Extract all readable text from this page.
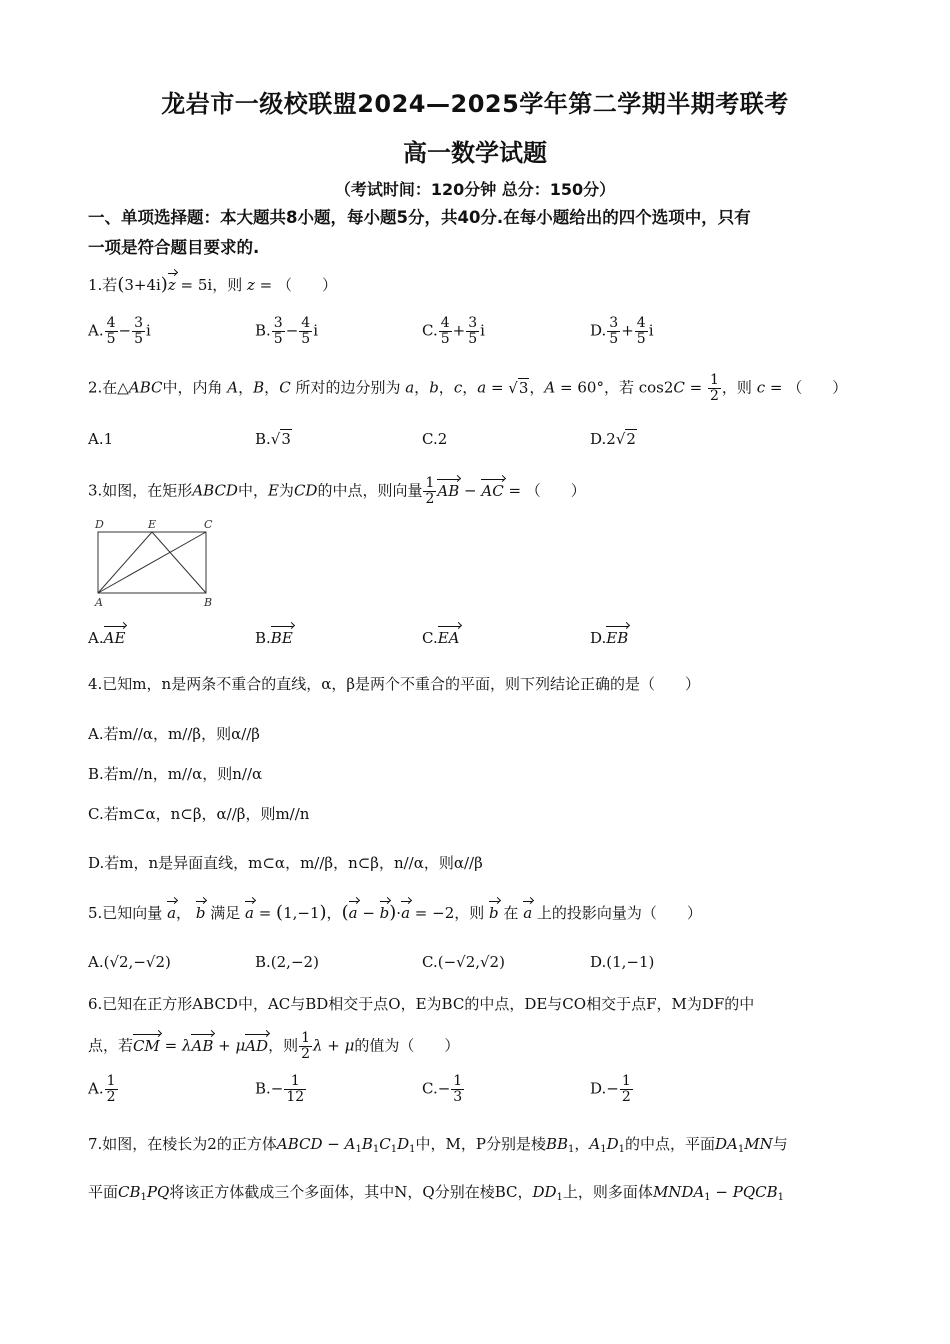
龙岩市一级校联盟2024—2025学年第二学期半期考联考
高一数学试题
（考试时间：120分钟 总分：150分）
一、单项选择题：本大题共8小题，每小题5分，共40分.在每小题给出的四个选项中，只有
一项是符合题目要求的.
1.若(3+4i)z = 5i，则 z = （　　）
A. $\frac{4}{5} - \frac{3}{5}$ i	B. $\frac{3}{5} - \frac{4}{5}$ i	C. $\frac{4}{5} + \frac{3}{5}$ i	D. $\frac{3}{5} + \frac{4}{5}$ i
2.在△ABC中，内角 A，B，C 所对的边分别为 a，b，c，a = √3，A = 60°，若 $\cos 2C = \frac{1}{2}$ ，则 c = （　　）
A.1	B.√3	C.2	D.2√2
3.如图，在矩形ABCD中，E为CD的中点，则向量 $\frac{1}{2}$ AB − AC = （　　）
D	E	C
A	B
A.AE	B.BE	C.EA	D.EB
4.已知m，n是两条不重合的直线，α，β是两个不重合的平面，则下列结论正确的是（　　）
A.若m//α，m//β，则α//β
B.若m//n，m//α，则n//α
C.若m⊂α，n⊂β，α//β，则m//n
D.若m，n是异面直线，m⊂α，m//β，n⊂β，n//α，则α//β
5.已知向量 a， b 满足 a = (1,−1)，(a − b)·a = −2，则 b 在 a 上的投影向量为（　　）
A.(√2,−√2)	B.(2,−2)	C.(−√2,√2)	D.(1,−1)
6.已知在正方形ABCD中，AC与BD相交于点O，E为BC的中点，DE与CO相交于点F，M为DF的中
点，若CM = λAB + μAD，则 $\frac{1}{2}$ λ + μ的值为（　　）
A. $\frac{1}{2}$	$B.- \frac{1}{12}$	$C.- \frac{1}{3}$	$D.- \frac{1}{2}$
7.如图，在棱长为2的正方体ABCD − $A_1B_1C_1D_1$中，M，P分别是棱$BB_1$，$A_1D_1$的中点，平面$DA_1MN$与
平面$CB_1PQ$将该正方体截成三个多面体，其中N，Q分别在棱BC，$DD_1$上，则多面体$MNDA_1$ − $PQCB_1$
